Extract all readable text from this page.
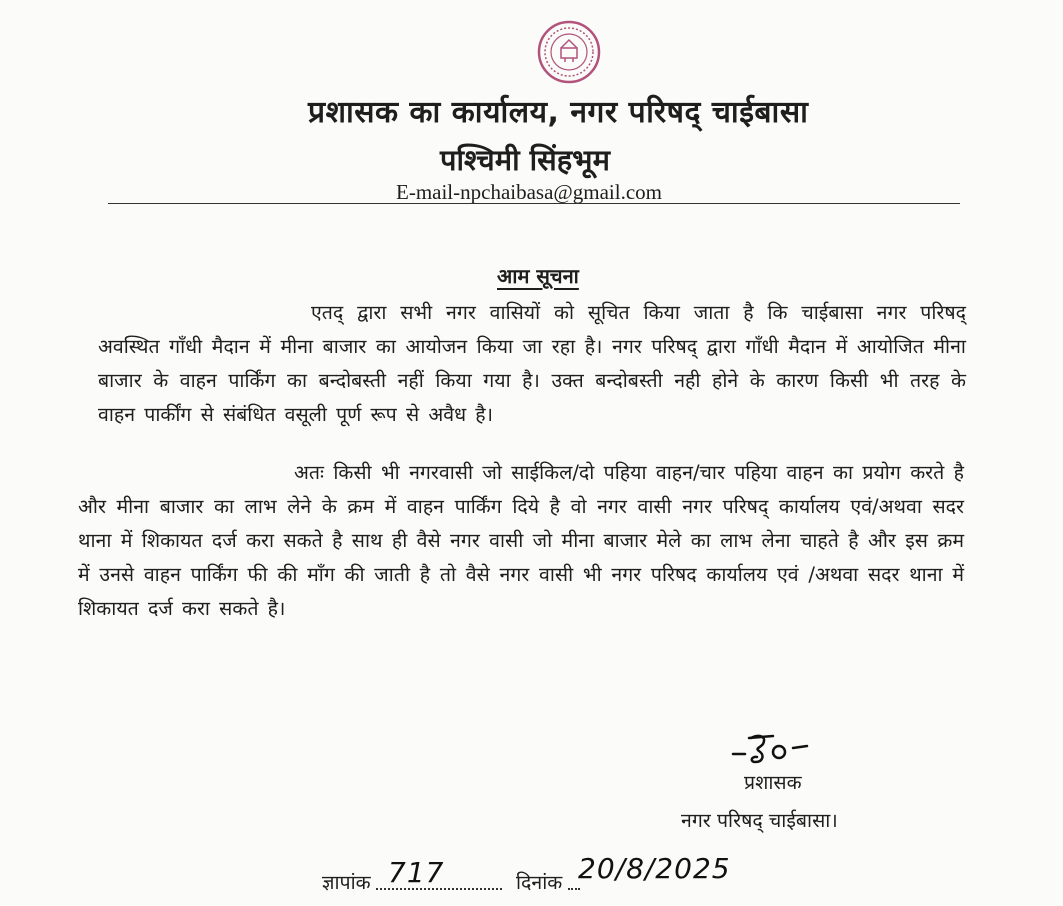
प्रशासक का कार्यालय, नगर परिषद् चाईबासा
पश्चिमी सिंहभूम
E-mail-npchaibasa@gmail.com
आम सूचना
एतद् द्वारा सभी नगर वासियों को सूचित किया जाता है कि चाईबासा नगर परिषद् अवस्थित गाँधी मैदान में मीना बाजार का आयोजन किया जा रहा है। नगर परिषद् द्वारा गाँधी मैदान में आयोजित मीना बाजार के वाहन पार्किंग का बन्दोबस्ती नहीं किया गया है। उक्त बन्दोबस्ती नही होने के कारण किसी भी तरह के वाहन पार्कींग से संबंधित वसूली पूर्ण रूप से अवैध है।
अतः किसी भी नगरवासी जो साईकिल/दो पहिया वाहन/चार पहिया वाहन का प्रयोग करते है और मीना बाजार का लाभ लेने के क्रम में वाहन पार्किंग दिये है वो नगर वासी नगर परिषद् कार्यालय एवं/अथवा सदर थाना में शिकायत दर्ज करा सकते है साथ ही वैसे नगर वासी जो मीना बाजार मेले का लाभ लेना चाहते है और इस क्रम में उनसे वाहन पार्किंग फी की माँग की जाती है तो वैसे नगर वासी भी नगर परिषद कार्यालय एवं /अथवा सदर थाना में शिकायत दर्ज करा सकते है।
प्रशासक
नगर परिषद् चाईबासा।
ज्ञापांक 717	दिनांक 20/8/2025
